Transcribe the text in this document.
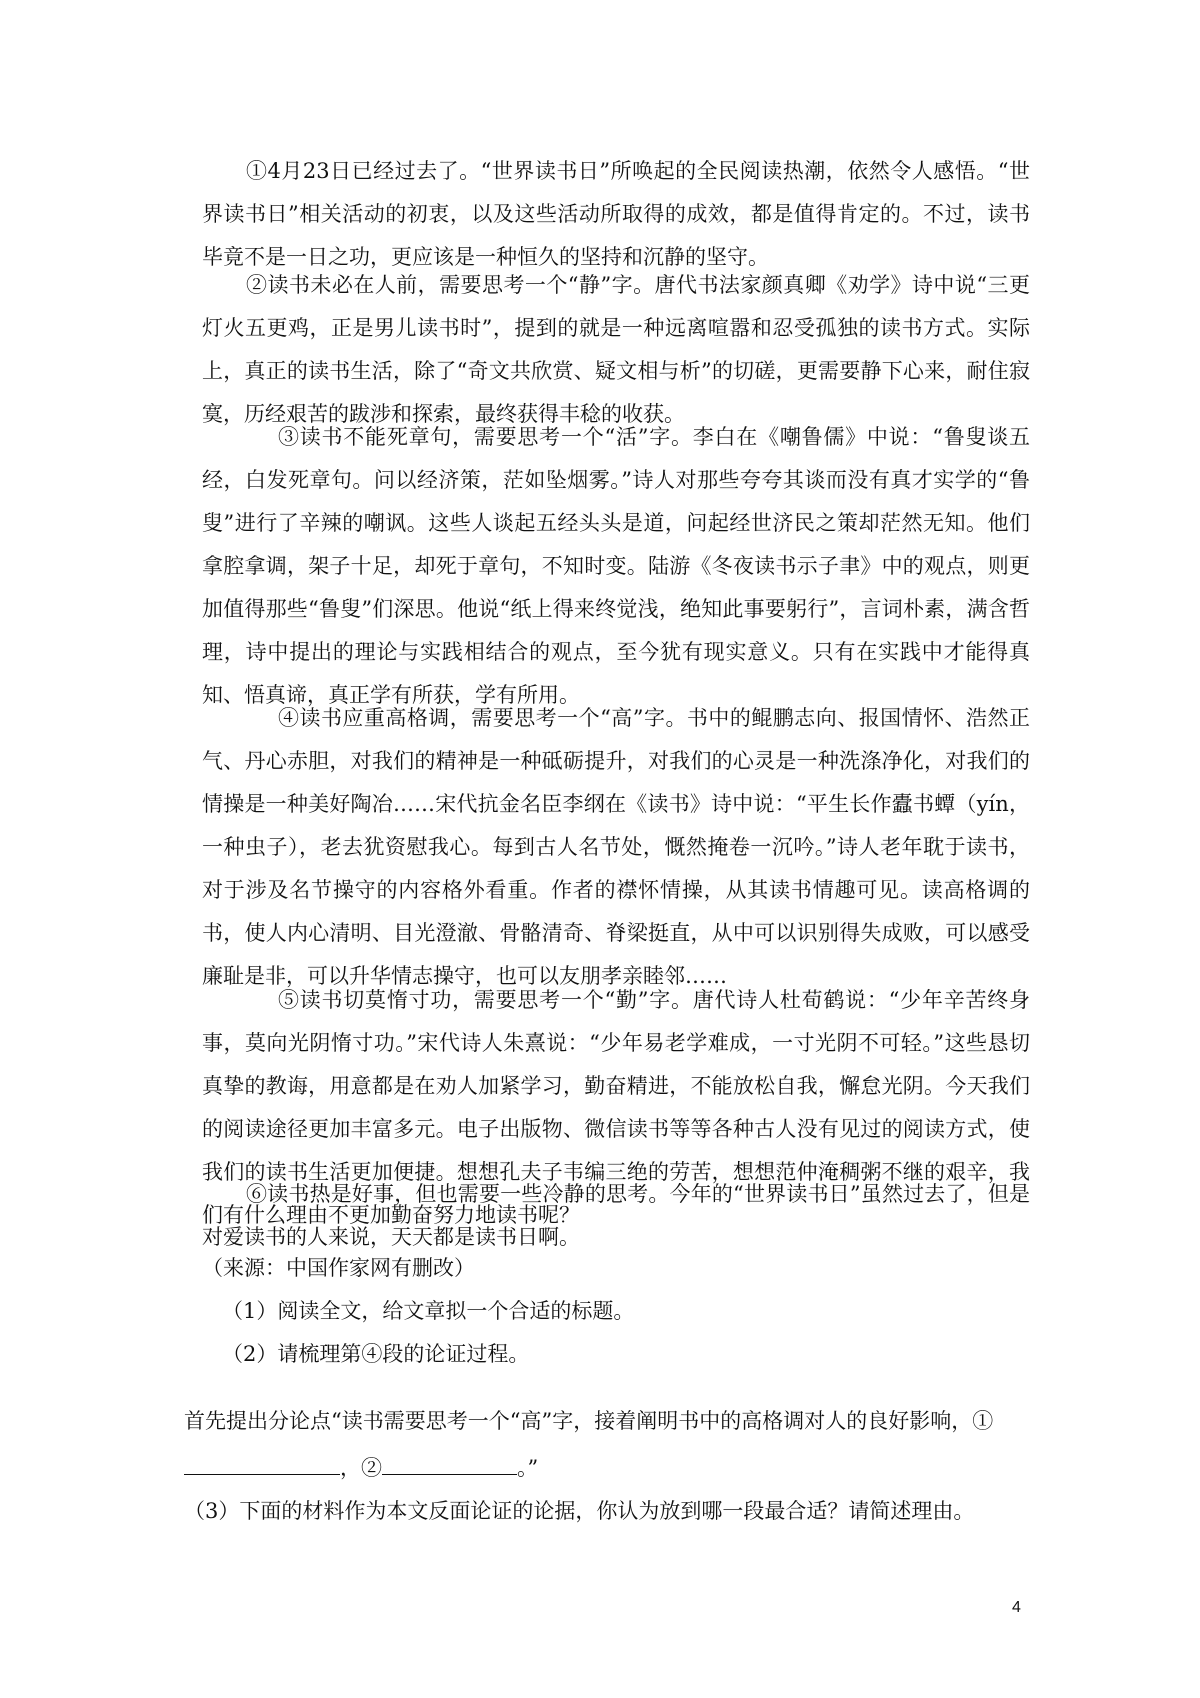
①4月23日已经过去了。“世界读书日”所唤起的全民阅读热潮，依然令人感悟。“世界读书日”相关活动的初衷，以及这些活动所取得的成效，都是值得肯定的。不过，读书毕竟不是一日之功，更应该是一种恒久的坚持和沉静的坚守。

②读书未必在人前，需要思考一个“静”字。唐代书法家颜真卿《劝学》诗中说“三更灯火五更鸡，正是男儿读书时”，提到的就是一种远离喧嚣和忍受孤独的读书方式。实际上，真正的读书生活，除了“奇文共欣赏、疑文相与析”的切磋，更需要静下心来，耐住寂寞，历经艰苦的跋涉和探索，最终获得丰稔的收获。

③读书不能死章句，需要思考一个“活”字。李白在《嘲鲁儒》中说：“鲁叟谈五经，白发死章句。问以经济策，茫如坠烟雾。”诗人对那些夸夸其谈而没有真才实学的“鲁叟”进行了辛辣的嘲讽。这些人谈起五经头头是道，问起经世济民之策却茫然无知。他们拿腔拿调，架子十足，却死于章句，不知时变。陆游《冬夜读书示子聿》中的观点，则更加值得那些“鲁叟”们深思。他说“纸上得来终觉浅，绝知此事要躬行”，言词朴素，满含哲理，诗中提出的理论与实践相结合的观点，至今犹有现实意义。只有在实践中才能得真知、悟真谛，真正学有所获，学有所用。

④读书应重高格调，需要思考一个“高”字。书中的鲲鹏志向、报国情怀、浩然正气、丹心赤胆，对我们的精神是一种砥砺提升，对我们的心灵是一种洗涤净化，对我们的情操是一种美好陶冶……宋代抗金名臣李纲在《读书》诗中说：“平生长作蠹书蟫（yín，一种虫子），老去犹资慰我心。每到古人名节处，慨然掩卷一沉吟。”诗人老年耽于读书，对于涉及名节操守的内容格外看重。作者的襟怀情操，从其读书情趣可见。读高格调的书，使人内心清明、目光澄澈、骨骼清奇、脊梁挺直，从中可以识别得失成败，可以感受廉耻是非，可以升华情志操守，也可以友朋孝亲睦邻……

⑤读书切莫惰寸功，需要思考一个“勤”字。唐代诗人杜荀鹤说：“少年辛苦终身事，莫向光阴惰寸功。”宋代诗人朱熹说：“少年易老学难成，一寸光阴不可轻。”这些恳切真挚的教诲，用意都是在劝人加紧学习，勤奋精进，不能放松自我，懈怠光阴。今天我们的阅读途径更加丰富多元。电子出版物、微信读书等等各种古人没有见过的阅读方式，使我们的读书生活更加便捷。想想孔夫子韦编三绝的劳苦，想想范仲淹稠粥不继的艰辛，我们有什么理由不更加勤奋努力地读书呢？

⑥读书热是好事，但也需要一些冷静的思考。今年的“世界读书日”虽然过去了，但是对爱读书的人来说，天天都是读书日啊。

（来源：中国作家网有删改）

（1）阅读全文，给文章拟一个合适的标题。

（2）请梳理第④段的论证过程。

首先提出分论点“读书需要思考一个“高”字，接着阐明书中的高格调对人的良好影响，①

，②	。”

（3）下面的材料作为本文反面论证的论据，你认为放到哪一段最合适？请简述理由。

4
